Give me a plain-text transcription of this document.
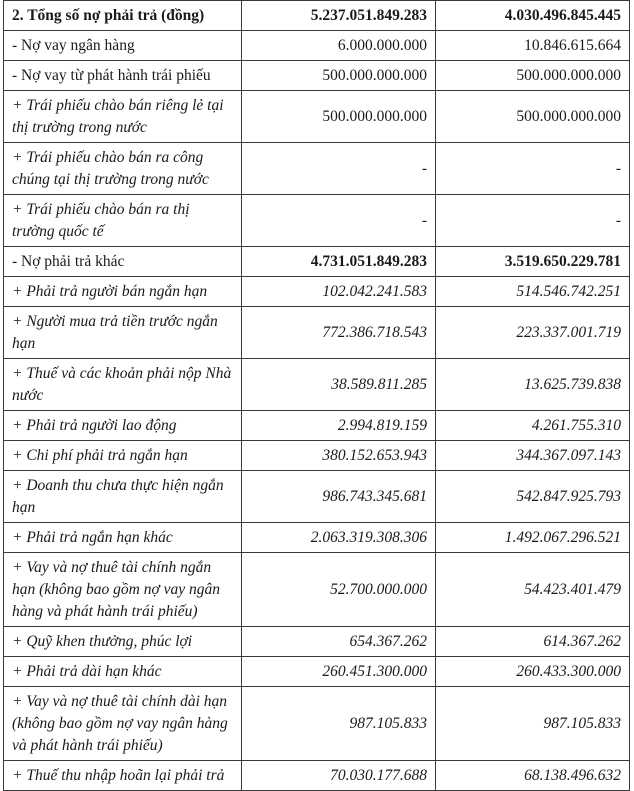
2. Tổng số nợ phải trả (đồng)	5.237.051.849.283	4.030.496.845.445
- Nợ vay ngân hàng	6.000.000.000	10.846.615.664
- Nợ vay từ phát hành trái phiếu	500.000.000.000	500.000.000.000
+ Trái phiếu chào bán riêng lẻ tại thị trường trong nước	500.000.000.000	500.000.000.000
+ Trái phiếu chào bán ra công chúng tại thị trường trong nước	-	-
+ Trái phiếu chào bán ra thị trường quốc tế	-	-
- Nợ phải trả khác	4.731.051.849.283	3.519.650.229.781
+ Phải trả người bán ngắn hạn	102.042.241.583	514.546.742.251
+ Người mua trả tiền trước ngắn hạn	772.386.718.543	223.337.001.719
+ Thuế và các khoản phải nộp Nhà nước	38.589.811.285	13.625.739.838
+ Phải trả người lao động	2.994.819.159	4.261.755.310
+ Chi phí phải trả ngắn hạn	380.152.653.943	344.367.097.143
+ Doanh thu chưa thực hiện ngắn hạn	986.743.345.681	542.847.925.793
+ Phải trả ngắn hạn khác	2.063.319.308.306	1.492.067.296.521
+ Vay và nợ thuê tài chính ngắn hạn (không bao gồm nợ vay ngân hàng và phát hành trái phiếu)	52.700.000.000	54.423.401.479
+ Quỹ khen thưởng, phúc lợi	654.367.262	614.367.262
+ Phải trả dài hạn khác	260.451.300.000	260.433.300.000
+ Vay và nợ thuê tài chính dài hạn (không bao gồm nợ vay ngân hàng và phát hành trái phiếu)	987.105.833	987.105.833
+ Thuế thu nhập hoãn lại phải trả	70.030.177.688	68.138.496.632
